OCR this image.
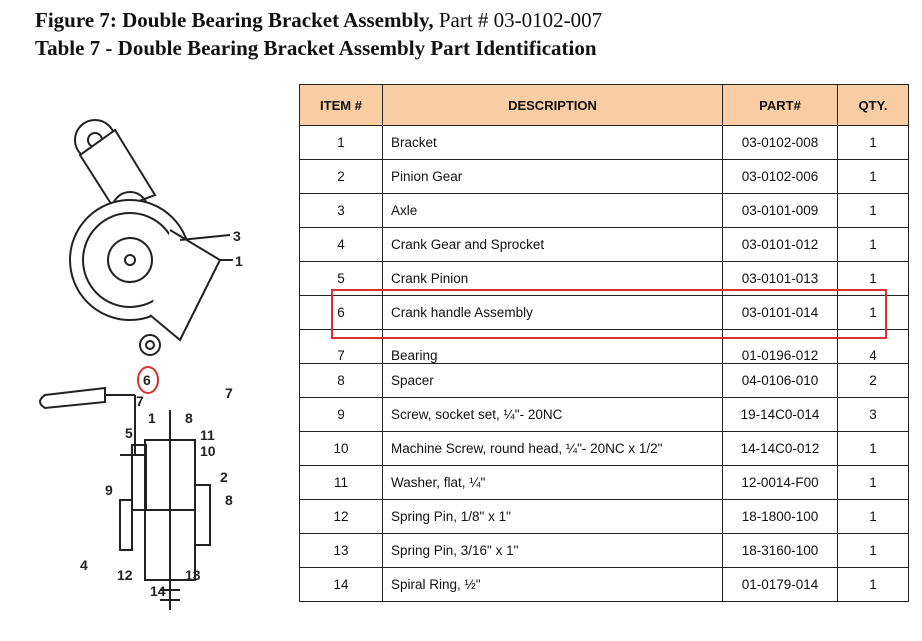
Figure 7: Double Bearing Bracket Assembly, Part # 03-0102-007
Table 7 - Double Bearing Bracket Assembly Part Identification
3
1
6
7
7
1 8
5	11
10
2
9
8
4
12	13
14
ITEM #	DESCRIPTION	PART#	QTY.
1	Bracket	03-0102-008	1
2	Pinion Gear	03-0102-006	1
3	Axle	03-0101-009	1
4	Crank Gear and Sprocket	03-0101-012	1
5	Crank Pinion	03-0101-013	1
6	Crank handle Assembly	03-0101-014	1
7	Bearing	01-0196-012	4
8	Spacer	04-0106-010	2
9	Screw, socket set, ¼"- 20NC	19-14C0-014	3
10	Machine Screw, round head, ¼"- 20NC x 1/2"	14-14C0-012	1
11	Washer, flat, ¼"	12-0014-F00	1
12	Spring Pin, 1/8" x 1"	18-1800-100	1
13	Spring Pin, 3/16" x 1"	18-3160-100	1
14	Spiral Ring, ½"	01-0179-014	1
